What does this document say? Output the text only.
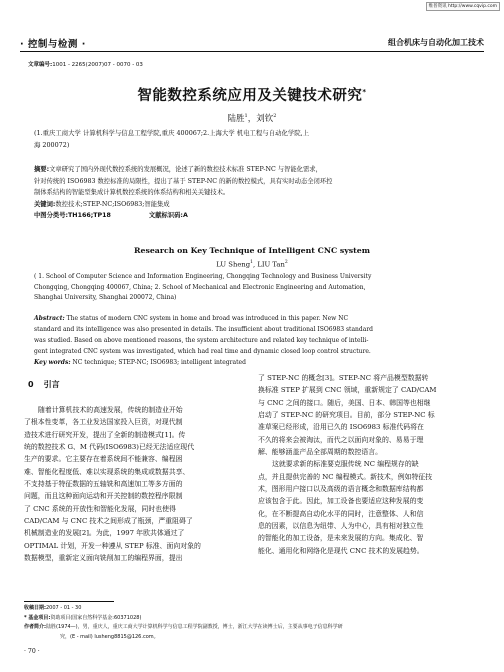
维普资讯 http://www.cqvip.com
· 控制与检测 ·	组合机床与自动化加工技术
文章编号:1001 - 2265(2007)07 - 0070 - 03
智能数控系统应用及关键技术研究*
陆胜$^1$，刘钦$^2$
(1.重庆工商大学 计算机科学与信息工程学院,重庆 400067;2.上海大学 机电工程与自动化学院,上
海 200072)
摘要:文章研究了国内外现代数控系统的发展概况，论述了新的数控技术标准 STEP-NC 与智能化需求，
针对传统的 ISO6983 数控标准的局限性，提出了基于 STEP-NC 的新的数控模式，具有实时动态全闭环控
制体系结构的智能型集成计算机数控系统的体系结构和相关关键技术。
关键词:数控技术;STEP-NC;ISO6983;智能集成
中图分类号:TH166;TP18	文献标识码:A
Research on Key Technique of Intelligent CNC system
LU Sheng$^1$, LIU Tan$^2$
( 1. School of Computer Science and Information Engineering, Chongqing Technology and Business University
Chongqing, Chongqing 400067, China; 2. School of Mechanical and Electronic Engineering and Automation,
Shanghai University, Shanghai 200072, China)
Abstract: The status of modern CNC system in home and broad was introduced in this paper. New NC
standard and its intelligence was also presented in details. The insufficient about traditional ISO6983 standard
was studied. Based on above mentioned reasons, the system architecture and related key technique of intelli-
gent integrated CNC system was investigated, which had real time and dynamic closed loop control structure.
Key words: NC technique; STEP-NC; ISO6983; intelligent integrated
0 引言
随着计算机技术的高速发展，传统的制造业开始
了根本性变革，各工业发达国家投入巨资，对现代制
造技术进行研究开发，提出了全新的制造模式[1]。传
统的数控技术 G、M 代码(ISO6983)已经无法适应现代
生产的要求。它主要存在着系统间不能兼容、编程困
难、智能化程度低、难以实现系统的集成或数据共享、
不支持基于特征数据的五轴铣和高速加工等多方面的
问题，而且这种面向运动和开关控制的数控程序限制
了 CNC 系统的开放性和智能化发展，同时也使得
CAD/CAM 与 CNC 技术之间形成了瓶颈，严重阻碍了
机械制造业的发展[2]。为此，1997 年欧共体通过了
OPTIMAL 计划，开发一种遵从 STEP 标准、面向对象的
数据模型，重新定义面向铣削加工的编程界面，提出
了 STEP-NC 的概念[3]。STEP-NC 将产品模型数据转
换标准 STEP 扩展到 CNC 领域，重新规定了 CAD/CAM
与 CNC 之间的接口。随后，美国、日本、韩国等也相继
启动了 STEP-NC 的研究项目。目前，部分 STEP-NC 标
准草案已经形成，沿用已久的 ISO6983 标准代码将在
不久的将来会被淘汰，而代之以面向对象的、易易于理
解、能够涵盖产品全部周期的数控语言。
这就要求新的标准要克服传统 NC 编程规存的缺
点，并且提供完善的 NC 编程模式。新技术，例如特征技
术，图形用户接口以及高级的语言概念和数据库结构都
应该包含于此。因此，加工设备也要适应这种发展的变
化，在不断提高自动化水平的同时，注意整体、人和信
息的因素，以信息为纽带、人为中心，具有相对独立性
的智能化的加工设备，是未来发展的方向。集成化、智
能化、通用化和网络化是现代 CNC 技术的发展趋势。
收稿日期:2007 - 01 - 30
* 基金项目:资助项目(国家自然科学基金:60371028)
作者简介:陆胜(1974—)，男，重庆人，重庆工商大学计算机科学与信息工程学院副教授，博士，浙江大学在读博士后，主要从事电子信息科学研
究，(E - mail) lusheng8815@126.com。
· 70 ·
